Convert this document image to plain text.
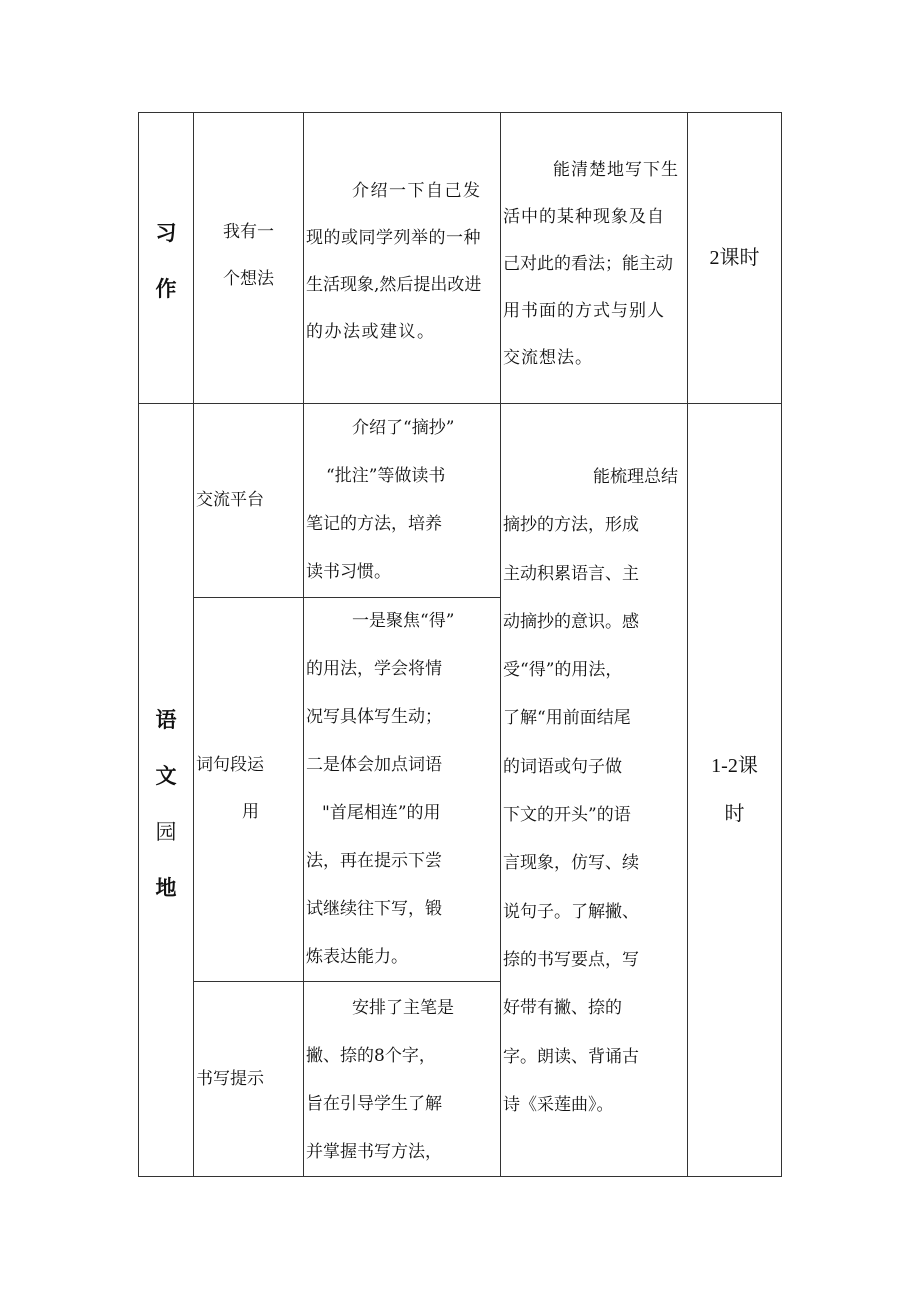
习
作
我有一
个想法
介绍一下自己发
现的或同学列举的一种
生活现象,然后提出改进
的办法或建议。
能清楚地写下生
活中的某种现象及自
己对此的看法；能主动
用书面的方式与别人
交流想法。
2课时
语
文
园
地
交流平台
介绍了“摘抄”
“批注”等做读书
笔记的方法，培养
读书习惯。
词句段运
用
一是聚焦“得”
的用法，学会将情
况写具体写生动；
二是体会加点词语
"首尾相连”的用
法，再在提示下尝
试继续往下写，锻
炼表达能力。
书写提示
安排了主笔是
撇、捺的8个字，
旨在引导学生了解
并掌握书写方法，
能梳理总结
摘抄的方法，形成
主动积累语言、主
动摘抄的意识。感
受“得”的用法，
了解“用前面结尾
的词语或句子做
下文的开头”的语
言现象，仿写、续
说句子。了解撇、
捺的书写要点，写
好带有撇、捺的
字。朗读、背诵古
诗《采莲曲》。
1-2课
时
